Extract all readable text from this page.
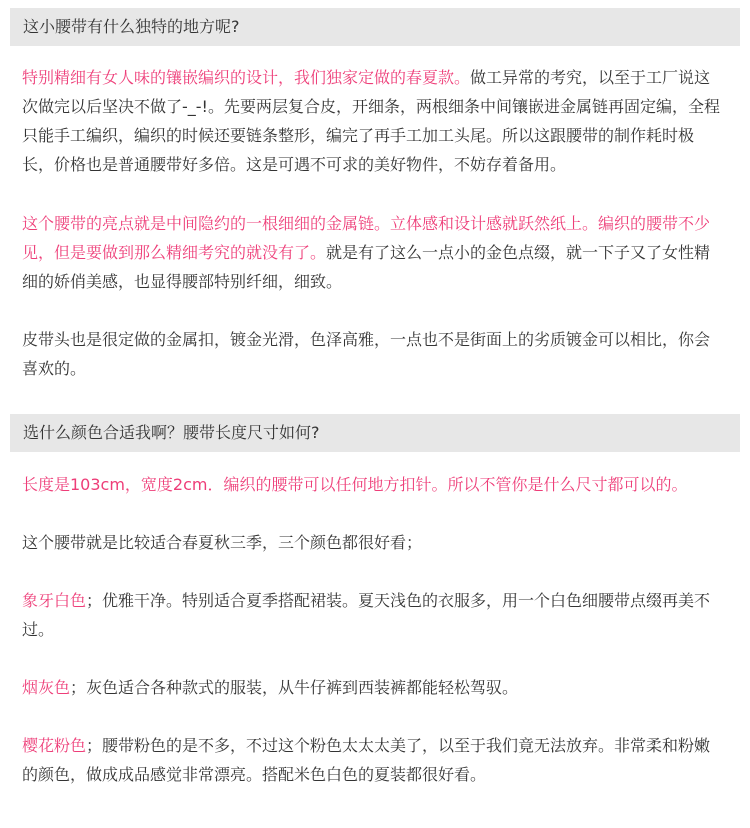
这小腰带有什么独特的地方呢?

特别精细有女人味的镶嵌编织的设计，我们独家定做的春夏款。做工异常的考究，以至于工厂说这次做完以后坚决不做了-_-!。先要两层复合皮，开细条，两根细条中间镶嵌进金属链再固定编，全程只能手工编织，编织的时候还要链条整形，编完了再手工加工头尾。所以这跟腰带的制作耗时极长，价格也是普通腰带好多倍。这是可遇不可求的美好物件，不妨存着备用。

这个腰带的亮点就是中间隐约的一根细细的金属链。立体感和设计感就跃然纸上。编织的腰带不少见，但是要做到那么精细考究的就没有了。就是有了这么一点小的金色点缀，就一下子又了女性精细的娇俏美感，也显得腰部特别纤细，细致。

皮带头也是很定做的金属扣，镀金光滑，色泽高雅，一点也不是街面上的劣质镀金可以相比，你会喜欢的。

选什么颜色合适我啊？腰带长度尺寸如何?

长度是103cm，宽度2cm．编织的腰带可以任何地方扣针。所以不管你是什么尺寸都可以的。

这个腰带就是比较适合春夏秋三季，三个颜色都很好看；

象牙白色；优雅干净。特别适合夏季搭配裙装。夏天浅色的衣服多，用一个白色细腰带点缀再美不过。

烟灰色；灰色适合各种款式的服装，从牛仔裤到西装裤都能轻松驾驭。

樱花粉色；腰带粉色的是不多，不过这个粉色太太太美了，以至于我们竟无法放弃。非常柔和粉嫩的颜色，做成成品感觉非常漂亮。搭配米色白色的夏装都很好看。
